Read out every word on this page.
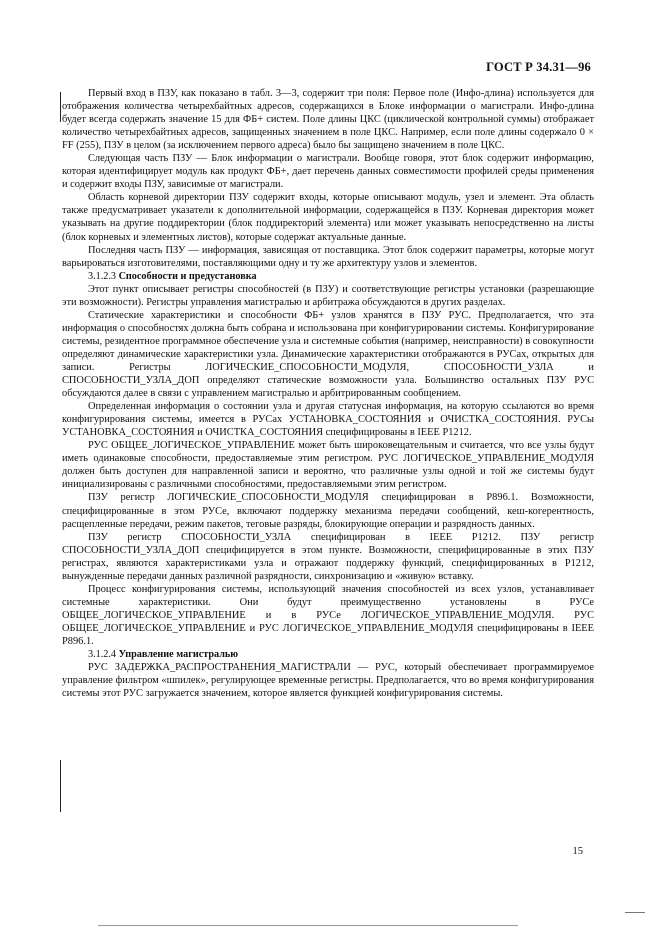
ГОСТ Р 34.31—96

Первый вход в ПЗУ, как показано в табл. 3—3, содержит три поля: Первое поле (Инфо-длина) используется для отображения количества четырехбайтных адресов, содержащихся в Блоке информации о магистрали. Инфо-длина будет всегда содержать значение 15 для ФБ+ систем. Поле длины ЦКС (циклической контрольной суммы) отображает количество четырехбайтных адресов, защищенных значением в поле ЦКС. Например, если поле длины содержало 0 × FF (255), ПЗУ в целом (за исключением первого адреса) было бы защищено значением в поле ЦКС.

Следующая часть ПЗУ — Блок информации о магистрали. Вообще говоря, этот блок содержит информацию, которая идентифицирует модуль как продукт ФБ+, дает перечень данных совместимости профилей среды применения и содержит входы ПЗУ, зависимые от магистрали.

Область корневой директории ПЗУ содержит входы, которые описывают модуль, узел и элемент. Эта область также предусматривает указатели к дополнительной информации, содержащейся в ПЗУ. Корневая директория может указывать на другие поддиректории (блок поддиректорий элемента) или может указывать непосредственно на листы (блок корневых и элементных листов), которые содержат актуальные данные.

Последняя часть ПЗУ — информация, зависящая от поставщика. Этот блок содержит параметры, которые могут варьироваться изготовителями, поставляющими одну и ту же архитектуру узлов и элементов.

3.1.2.3 Способности и предустановка

Этот пункт описывает регистры способностей (в ПЗУ) и соответствующие регистры установки (разрешающие эти возможности). Регистры управления магистралью и арбитража обсуждаются в других разделах.

Статические характеристики и способности ФБ+ узлов хранятся в ПЗУ РУС. Предполагается, что эта информация о способностях должна быть собрана и использована при конфигурировании системы. Конфигурирование системы, резидентное программное обеспечение узла и системные события (например, неисправности) в совокупности определяют динамические характеристики узла. Динамические характеристики отображаются в РУСах, открытых для записи. Регистры ЛОГИЧЕСКИЕ_СПОСОБНОСТИ_МОДУЛЯ, СПОСОБНОСТИ_УЗЛА и СПОСОБНОСТИ_УЗЛА_ДОП определяют статические возможности узла. Большинство остальных ПЗУ РУС обсуждаются далее в связи с управлением магистралью и арбитрированным сообщением.

Определенная информация о состоянии узла и другая статусная информация, на которую ссылаются во время конфигурирования системы, имеется в РУСах УСТАНОВКА_СОСТОЯНИЯ и ОЧИСТКА_СОСТОЯНИЯ. РУСы УСТАНОВКА_СОСТОЯНИЯ и ОЧИСТКА_СОСТОЯНИЯ специфицированы в IEEE P1212.

РУС ОБЩЕЕ_ЛОГИЧЕСКОЕ_УПРАВЛЕНИЕ может быть широковещательным и считается, что все узлы будут иметь одинаковые способности, предоставляемые этим регистром. РУС ЛОГИЧЕСКОЕ_УПРАВЛЕНИЕ_МОДУЛЯ должен быть доступен для направленной записи и вероятно, что различные узлы одной и той же системы будут инициализированы с различными способностями, предоставляемыми этим регистром.

ПЗУ регистр ЛОГИЧЕСКИЕ_СПОСОБНОСТИ_МОДУЛЯ специфицирован в P896.1. Возможности, специфицированные в этом РУСе, включают поддержку механизма передачи сообщений, кеш-когерентность, расщепленные передачи, режим пакетов, теговые разряды, блокирующие операции и разрядность данных.

ПЗУ регистр СПОСОБНОСТИ_УЗЛА специфицирован в IEEE P1212. ПЗУ регистр СПОСОБНОСТИ_УЗЛА_ДОП специфицируется в этом пункте. Возможности, специфицированные в этих ПЗУ регистрах, являются характеристиками узла и отражают поддержку функций, специфицированных в P1212, вынужденные передачи данных различной разрядности, синхронизацию и «живую» вставку.

Процесс конфигурирования системы, использующий значения способностей из всех узлов, устанавливает системные характеристики. Они будут преимущественно установлены в РУСе ОБЩЕЕ_ЛОГИЧЕСКОЕ_УПРАВЛЕНИЕ и в РУСе ЛОГИЧЕСКОЕ_УПРАВЛЕНИЕ_МОДУЛЯ. РУС ОБЩЕЕ_ЛОГИЧЕСКОЕ_УПРАВЛЕНИЕ и РУС ЛОГИЧЕСКОЕ_УПРАВЛЕНИЕ_МОДУЛЯ специфицированы в IEEE P896.1.

3.1.2.4 Управление магистралью

РУС ЗАДЕРЖКА_РАСПРОСТРАНЕНИЯ_МАГИСТРАЛИ — РУС, который обеспечивает программируемое управление фильтром «шпилек», регулирующее временные регистры. Предполагается, что во время конфигурирования системы этот РУС загружается значением, которое является функцией конфигурирования системы.

15
